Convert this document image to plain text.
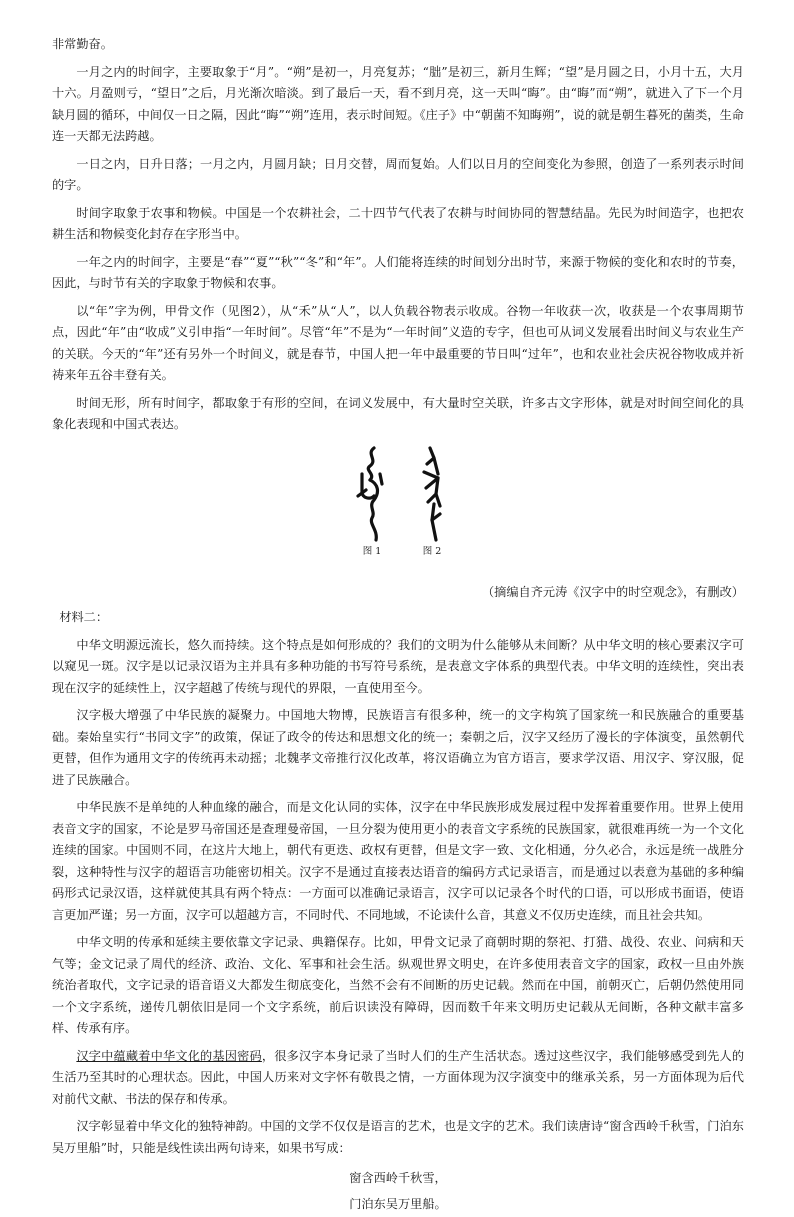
非常勤奋。

一月之内的时间字，主要取象于“月”。“朔”是初一，月亮复苏；“朏”是初三，新月生辉；“望”是月圆之日，小月十五，大月十六。月盈则亏，“望日”之后，月光渐次暗淡。到了最后一天，看不到月亮，这一天叫“晦”。由“晦”而“朔”，就进入了下一个月缺月圆的循环，中间仅一日之隔，因此“晦”“朔”连用，表示时间短。《庄子》中“朝菌不知晦朔”，说的就是朝生暮死的菌类，生命连一天都无法跨越。

一日之内，日升日落；一月之内，月圆月缺；日月交替，周而复始。人们以日月的空间变化为参照，创造了一系列表示时间的字。

时间字取象于农事和物候。中国是一个农耕社会，二十四节气代表了农耕与时间协同的智慧结晶。先民为时间造字，也把农耕生活和物候变化封存在字形当中。

一年之内的时间字，主要是“春”“夏”“秋”“冬”和“年”。人们能将连续的时间划分出时节，来源于物候的变化和农时的节奏，因此，与时节有关的字取象于物候和农事。

以“年”字为例，甲骨文作（见图2），从“禾”从“人”，以人负载谷物表示收成。谷物一年收获一次，收获是一个农事周期节点，因此“年”由“收成”义引申指“一年时间”。尽管“年”不是为“一年时间”义造的专字，但也可从词义发展看出时间义与农业生产的关联。今天的“年”还有另外一个时间义，就是春节，中国人把一年中最重要的节日叫“过年”，也和农业社会庆祝谷物收成并祈祷来年五谷丰登有关。

时间无形，所有时间字，都取象于有形的空间，在词义发展中，有大量时空关联，许多古文字形体，就是对时间空间化的具象化表现和中国式表达。

图 1	图 2
（摘编自齐元涛《汉字中的时空观念》，有删改）
材料二：

中华文明源远流长，悠久而持续。这个特点是如何形成的？我们的文明为什么能够从未间断？从中华文明的核心要素汉字可以窥见一斑。汉字是以记录汉语为主并具有多种功能的书写符号系统，是表意文字体系的典型代表。中华文明的连续性，突出表现在汉字的延续性上，汉字超越了传统与现代的界限，一直使用至今。

汉字极大增强了中华民族的凝聚力。中国地大物博，民族语言有很多种，统一的文字构筑了国家统一和民族融合的重要基础。秦始皇实行“书同文字”的政策，保证了政令的传达和思想文化的统一；秦朝之后，汉字又经历了漫长的字体演变，虽然朝代更替，但作为通用文字的传统再未动摇；北魏孝文帝推行汉化改革，将汉语确立为官方语言，要求学汉语、用汉字、穿汉服，促进了民族融合。

中华民族不是单纯的人种血缘的融合，而是文化认同的实体，汉字在中华民族形成发展过程中发挥着重要作用。世界上使用表音文字的国家，不论是罗马帝国还是查理曼帝国，一旦分裂为使用更小的表音文字系统的民族国家，就很难再统一为一个文化连续的国家。中国则不同，在这片大地上，朝代有更迭、政权有更替，但是文字一致、文化相通，分久必合，永远是统一战胜分裂，这种特性与汉字的超语言功能密切相关。汉字不是通过直接表达语音的编码方式记录语言，而是通过以表意为基础的多种编码形式记录汉语，这样就使其具有两个特点：一方面可以准确记录语言，汉字可以记录各个时代的口语，可以形成书面语，使语言更加严谨；另一方面，汉字可以超越方言，不同时代、不同地域，不论读什么音，其意义不仅历史连续，而且社会共知。

中华文明的传承和延续主要依靠文字记录、典籍保存。比如，甲骨文记录了商朝时期的祭祀、打猎、战役、农业、问病和天气等；金文记录了周代的经济、政治、文化、军事和社会生活。纵观世界文明史，在许多使用表音文字的国家，政权一旦由外族统治者取代，文字记录的语音语义大都发生彻底变化，当然不会有不间断的历史记载。然而在中国，前朝灭亡，后朝仍然使用同一个文字系统，递传几朝依旧是同一个文字系统，前后识读没有障碍，因而数千年来文明历史记载从无间断，各种文献丰富多样、传承有序。

汉字中蕴藏着中华文化的基因密码，很多汉字本身记录了当时人们的生产生活状态。透过这些汉字，我们能够感受到先人的生活乃至其时的心理状态。因此，中国人历来对文字怀有敬畏之情，一方面体现为汉字演变中的继承关系，另一方面体现为后代对前代文献、书法的保存和传承。

汉字彰显着中华文化的独特神韵。中国的文学不仅仅是语言的艺术，也是文字的艺术。我们读唐诗“窗含西岭千秋雪，门泊东吴万里船”时，只能是线性读出两句诗来，如果书写成：

窗含西岭千秋雪，
门泊东吴万里船。
